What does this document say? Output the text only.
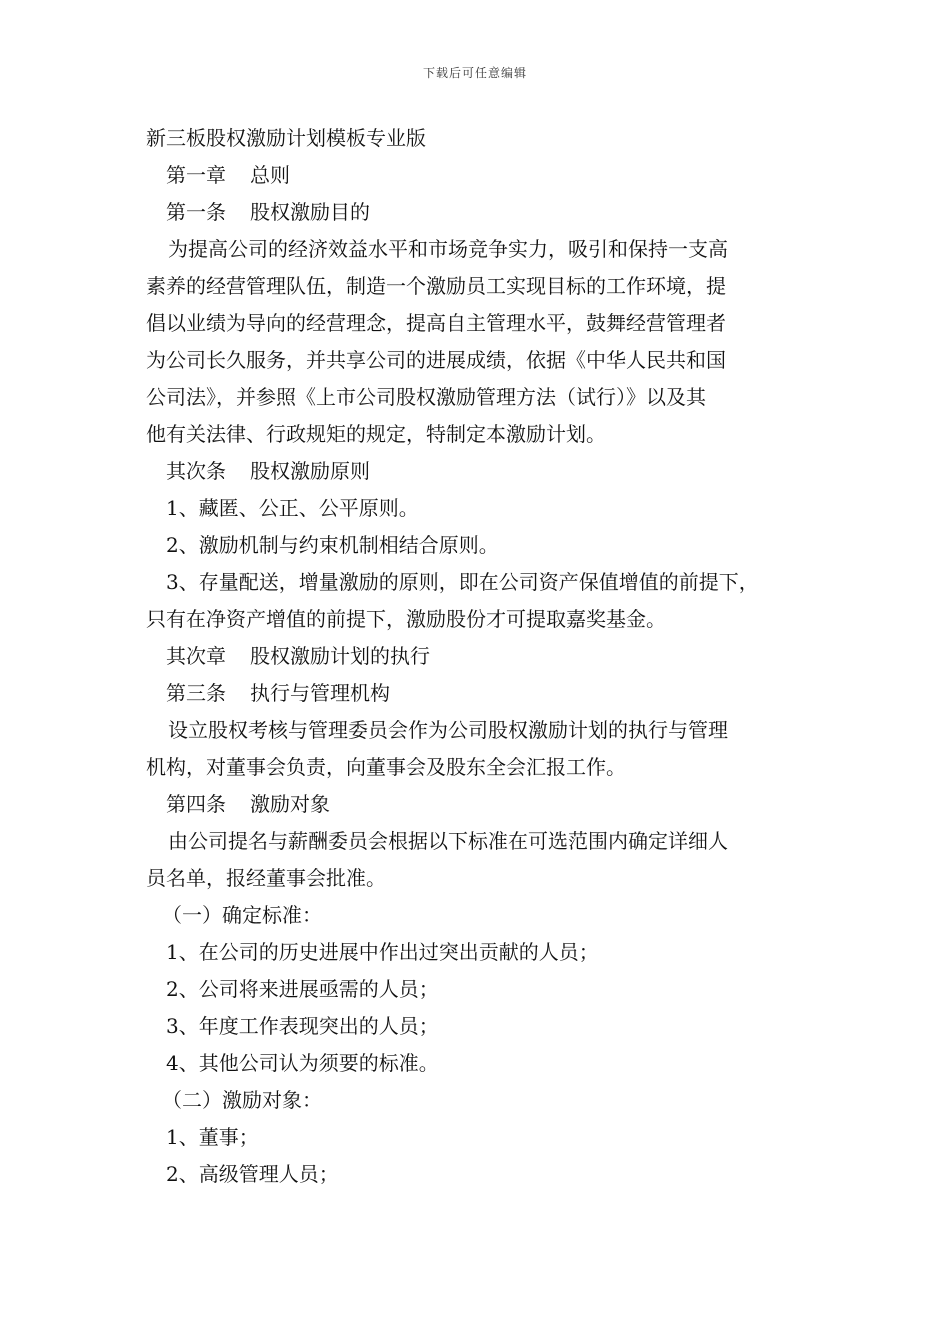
下载后可任意编辑

新三板股权激励计划模板专业版

第一章 总则

第一条 股权激励目的

为提高公司的经济效益水平和市场竞争实力，吸引和保持一支高

素养的经营管理队伍，制造一个激励员工实现目标的工作环境，提

倡以业绩为导向的经营理念，提高自主管理水平，鼓舞经营管理者

为公司长久服务，并共享公司的进展成绩，依据《中华人民共和国

公司法》，并参照《上市公司股权激励管理方法（试行）》以及其

他有关法律、行政规矩的规定，特制定本激励计划。

其次条 股权激励原则

1、藏匿、公正、公平原则。

2、激励机制与约束机制相结合原则。

3、存量配送，增量激励的原则，即在公司资产保值增值的前提下，

只有在净资产增值的前提下，激励股份才可提取嘉奖基金。

其次章 股权激励计划的执行

第三条 执行与管理机构

设立股权考核与管理委员会作为公司股权激励计划的执行与管理

机构，对董事会负责，向董事会及股东全会汇报工作。

第四条 激励对象

由公司提名与薪酬委员会根据以下标准在可选范围内确定详细人

员名单，报经董事会批准。

（一）确定标准：

1、在公司的历史进展中作出过突出贡献的人员；

2、公司将来进展亟需的人员；

3、年度工作表现突出的人员；

4、其他公司认为须要的标准。

（二）激励对象：

1、董事；

2、高级管理人员；
